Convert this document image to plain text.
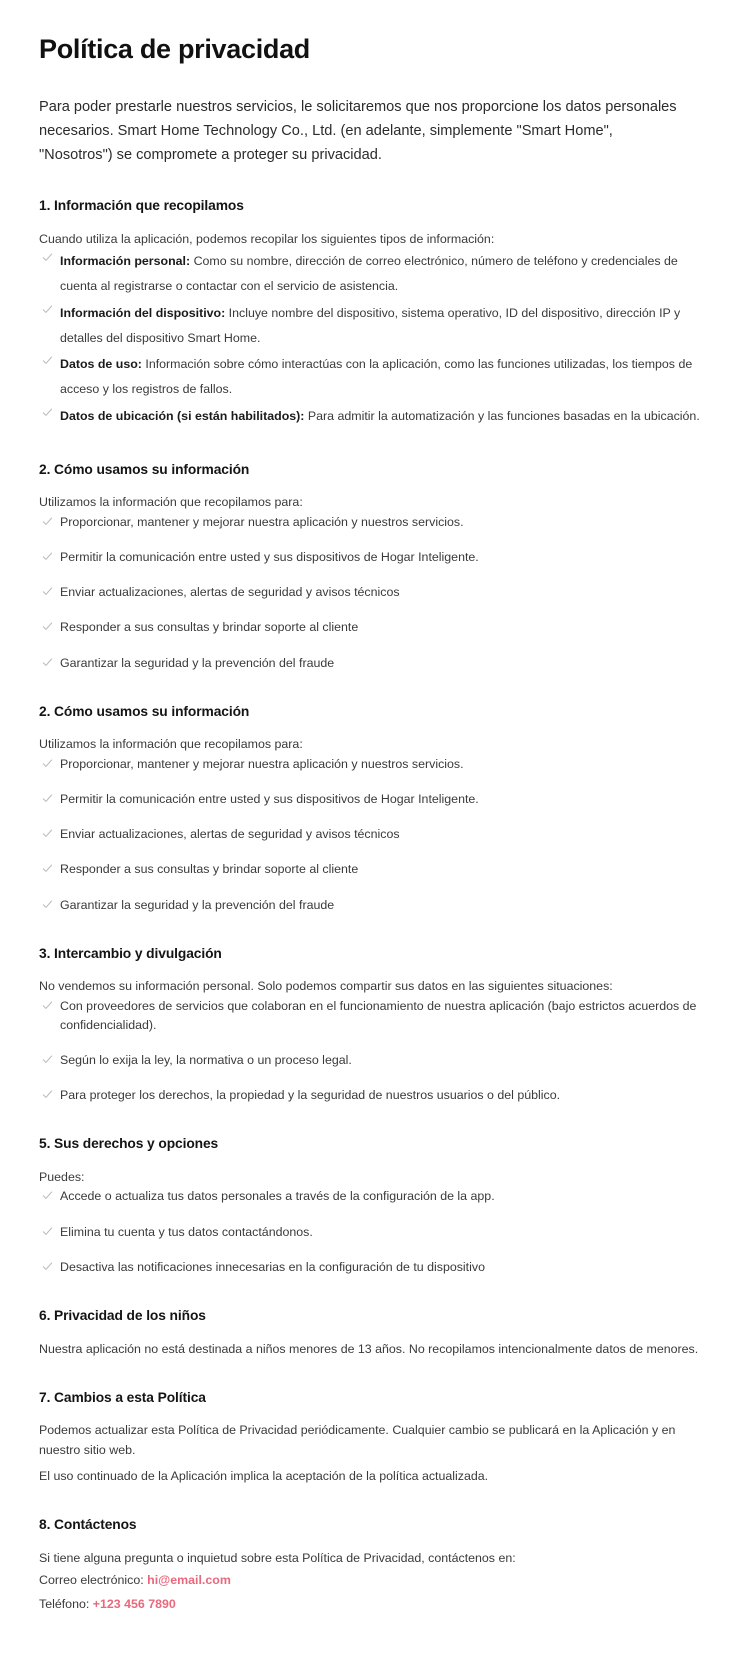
Política de privacidad

Para poder prestarle nuestros servicios, le solicitaremos que nos proporcione los datos personales necesarios. Smart Home Technology Co., Ltd. (en adelante, simplemente "Smart Home", "Nosotros") se compromete a proteger su privacidad.

1. Información que recopilamos

Cuando utiliza la aplicación, podemos recopilar los siguientes tipos de información:

Información personal: Como su nombre, dirección de correo electrónico, número de teléfono y credenciales de cuenta al registrarse o contactar con el servicio de asistencia.
Información del dispositivo: Incluye nombre del dispositivo, sistema operativo, ID del dispositivo, dirección IP y detalles del dispositivo Smart Home.
Datos de uso: Información sobre cómo interactúas con la aplicación, como las funciones utilizadas, los tiempos de acceso y los registros de fallos.
Datos de ubicación (si están habilitados): Para admitir la automatización y las funciones basadas en la ubicación.
2. Cómo usamos su información

Utilizamos la información que recopilamos para:

Proporcionar, mantener y mejorar nuestra aplicación y nuestros servicios.
Permitir la comunicación entre usted y sus dispositivos de Hogar Inteligente.
Enviar actualizaciones, alertas de seguridad y avisos técnicos
Responder a sus consultas y brindar soporte al cliente
Garantizar la seguridad y la prevención del fraude
2. Cómo usamos su información

Utilizamos la información que recopilamos para:

Proporcionar, mantener y mejorar nuestra aplicación y nuestros servicios.
Permitir la comunicación entre usted y sus dispositivos de Hogar Inteligente.
Enviar actualizaciones, alertas de seguridad y avisos técnicos
Responder a sus consultas y brindar soporte al cliente
Garantizar la seguridad y la prevención del fraude
3. Intercambio y divulgación

No vendemos su información personal. Solo podemos compartir sus datos en las siguientes situaciones:

Con proveedores de servicios que colaboran en el funcionamiento de nuestra aplicación (bajo estrictos acuerdos de confidencialidad).
Según lo exija la ley, la normativa o un proceso legal.
Para proteger los derechos, la propiedad y la seguridad de nuestros usuarios o del público.
5. Sus derechos y opciones

Puedes:

Accede o actualiza tus datos personales a través de la configuración de la app.
Elimina tu cuenta y tus datos contactándonos.
Desactiva las notificaciones innecesarias en la configuración de tu dispositivo
6. Privacidad de los niños

Nuestra aplicación no está destinada a niños menores de 13 años. No recopilamos intencionalmente datos de menores.

7. Cambios a esta Política

Podemos actualizar esta Política de Privacidad periódicamente. Cualquier cambio se publicará en la Aplicación y en nuestro sitio web.

El uso continuado de la Aplicación implica la aceptación de la política actualizada.

8. Contáctenos

Si tiene alguna pregunta o inquietud sobre esta Política de Privacidad, contáctenos en:

Correo electrónico: hi@email.com

Teléfono: +123 456 7890
